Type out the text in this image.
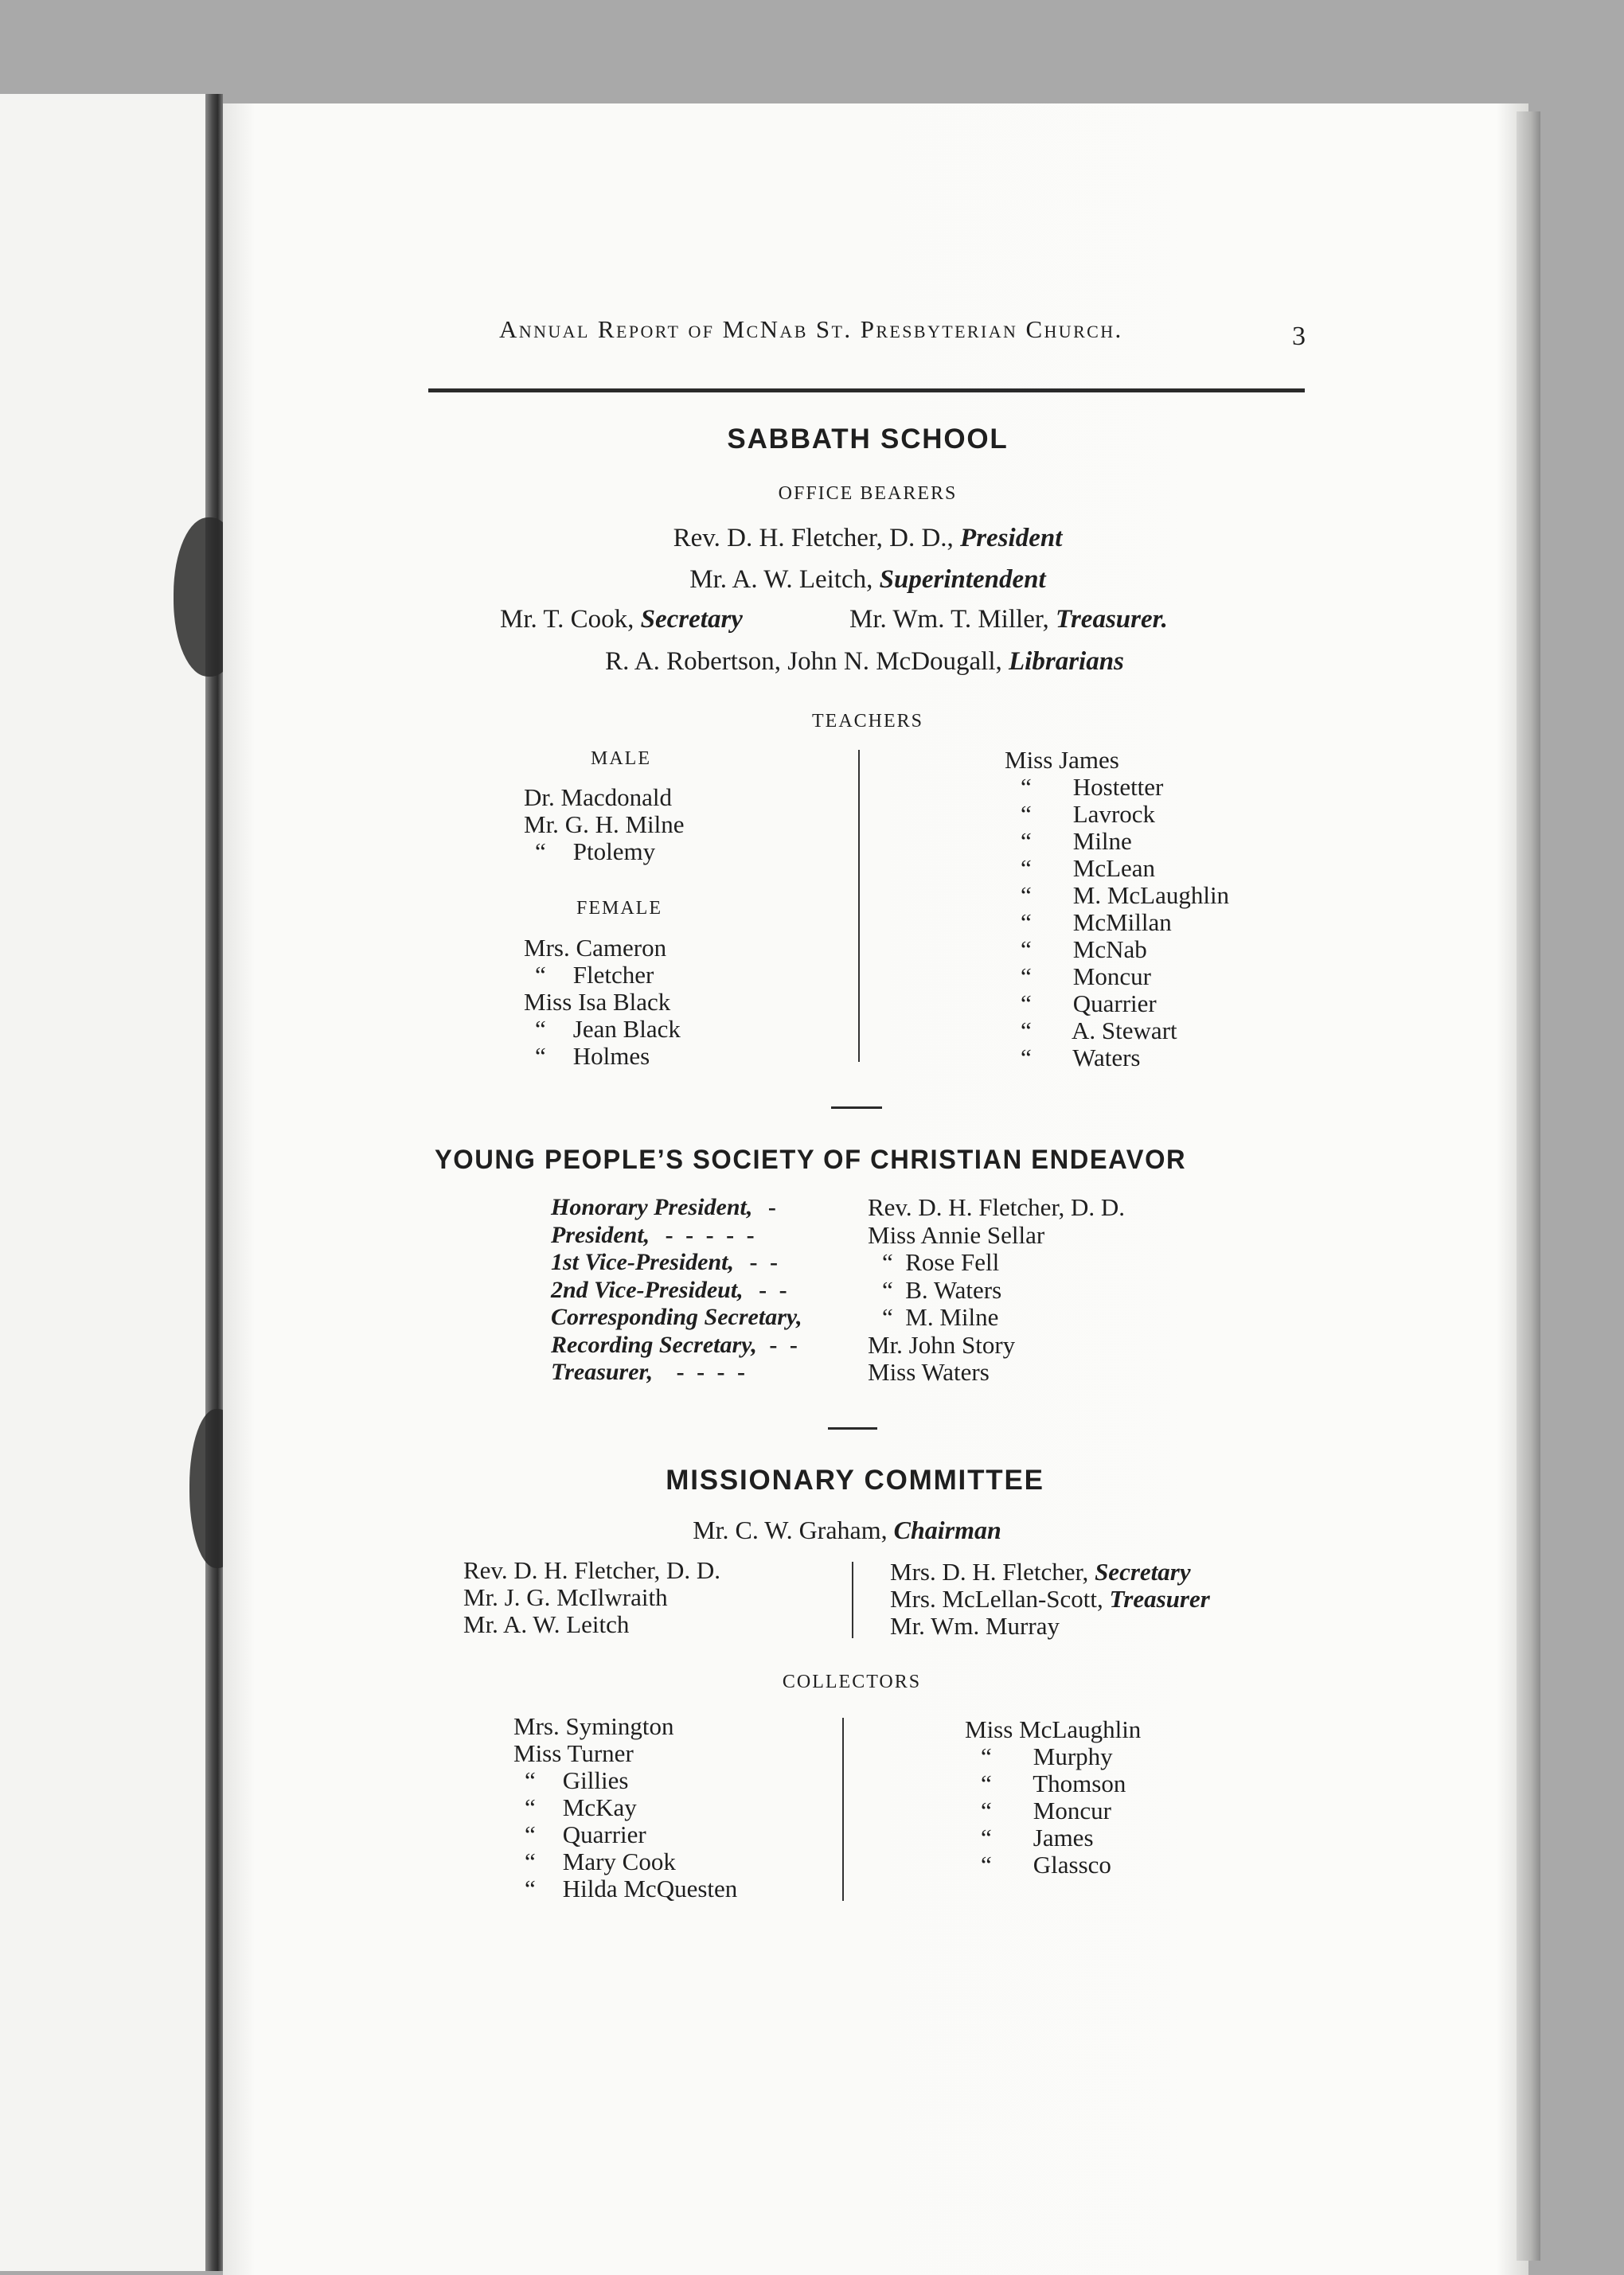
Annual Report of McNab St. Presbyterian Church.	3
SABBATH SCHOOL
OFFICE BEARERS
Rev. D. H. Fletcher, D. D., President
Mr. A. W. Leitch, Superintendent
Mr. T. Cook, Secretary	Mr. Wm. T. Miller, Treasurer.
R. A. Robertson, John N. McDougall, Librarians
TEACHERS
MALE
Dr. Macdonald
Mr. G. H. Milne
“ Ptolemy
FEMALE
Mrs. Cameron
“ Fletcher
Miss Isa Black
“ Jean Black
“ Holmes
Miss James
“ Hostetter
“ Lavrock
“ Milne
“ McLean
“ M. McLaughlin
“ McMillan
“ McNab
“ Moncur
“ Quarrier
“ A. Stewart
“ Waters
YOUNG PEOPLE’S SOCIETY OF CHRISTIAN ENDEAVOR
Honorary President, -
President, - - - - -
1st Vice-President, - -
2nd Vice-Presideut, - -
Corresponding Secretary,
Recording Secretary, - -
Treasurer, - - - -
Rev. D. H. Fletcher, D. D.
Miss Annie Sellar
“  Rose Fell
“  B. Waters
“  M. Milne
Mr. John Story
Miss Waters
MISSIONARY COMMITTEE
Mr. C. W. Graham, Chairman
Rev. D. H. Fletcher, D. D.
Mr. J. G. McIlwraith
Mr. A. W. Leitch
Mrs. D. H. Fletcher, Secretary
Mrs. McLellan-Scott, Treasurer
Mr. Wm. Murray
COLLECTORS
Mrs. Symington
Miss Turner
“ Gillies
“ McKay
“ Quarrier
“ Mary Cook
“ Hilda McQuesten
Miss McLaughlin
“ Murphy
“ Thomson
“ Moncur
“ James
“ Glassco
